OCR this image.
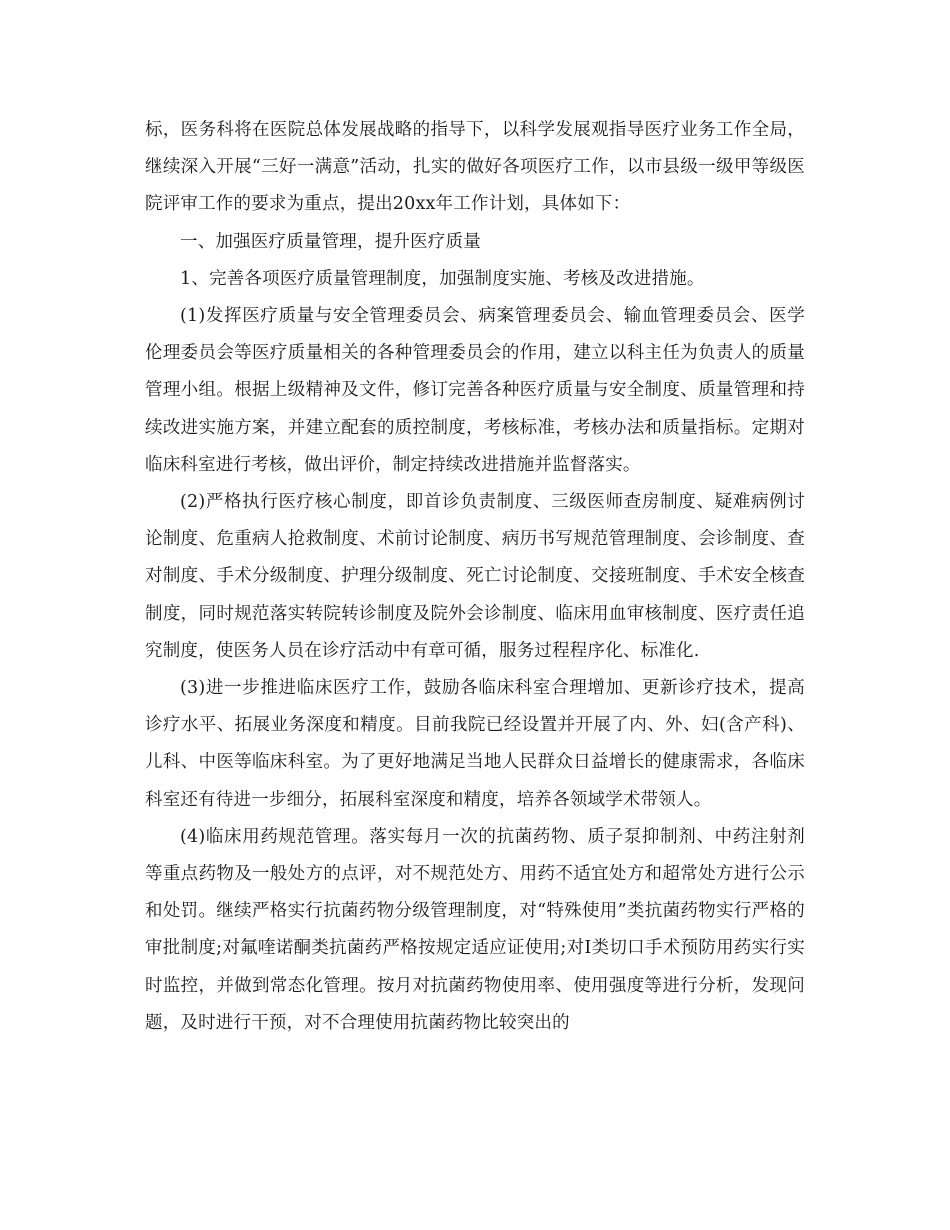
标，医务科将在医院总体发展战略的指导下，以科学发展观指导医疗业务工作全局，继续深入开展“三好一满意”活动，扎实的做好各项医疗工作，以市县级一级甲等级医院评审工作的要求为重点，提出20xx年工作计划，具体如下：

一、加强医疗质量管理，提升医疗质量

1、完善各项医疗质量管理制度，加强制度实施、考核及改进措施。

(1)发挥医疗质量与安全管理委员会、病案管理委员会、输血管理委员会、医学伦理委员会等医疗质量相关的各种管理委员会的作用，建立以科主任为负责人的质量管理小组。根据上级精神及文件，修订完善各种医疗质量与安全制度、质量管理和持续改进实施方案，并建立配套的质控制度，考核标准，考核办法和质量指标。定期对临床科室进行考核，做出评价，制定持续改进措施并监督落实。

(2)严格执行医疗核心制度，即首诊负责制度、三级医师查房制度、疑难病例讨论制度、危重病人抢救制度、术前讨论制度、病历书写规范管理制度、会诊制度、查对制度、手术分级制度、护理分级制度、死亡讨论制度、交接班制度、手术安全核查制度，同时规范落实转院转诊制度及院外会诊制度、临床用血审核制度、医疗责任追究制度，使医务人员在诊疗活动中有章可循，服务过程程序化、标准化.

(3)进一步推进临床医疗工作，鼓励各临床科室合理增加、更新诊疗技术，提高诊疗水平、拓展业务深度和精度。目前我院已经设置并开展了内、外、妇(含产科)、儿科、中医等临床科室。为了更好地满足当地人民群众日益增长的健康需求，各临床科室还有待进一步细分，拓展科室深度和精度，培养各领域学术带领人。

(4)临床用药规范管理。落实每月一次的抗菌药物、质子泵抑制剂、中药注射剂等重点药物及一般处方的点评，对不规范处方、用药不适宜处方和超常处方进行公示和处罚。继续严格实行抗菌药物分级管理制度，对“特殊使用”类抗菌药物实行严格的审批制度;对氟喹诺酮类抗菌药严格按规定适应证使用;对Ⅰ类切口手术预防用药实行实时监控，并做到常态化管理。按月对抗菌药物使用率、使用强度等进行分析，发现问题，及时进行干预，对不合理使用抗菌药物比较突出的
